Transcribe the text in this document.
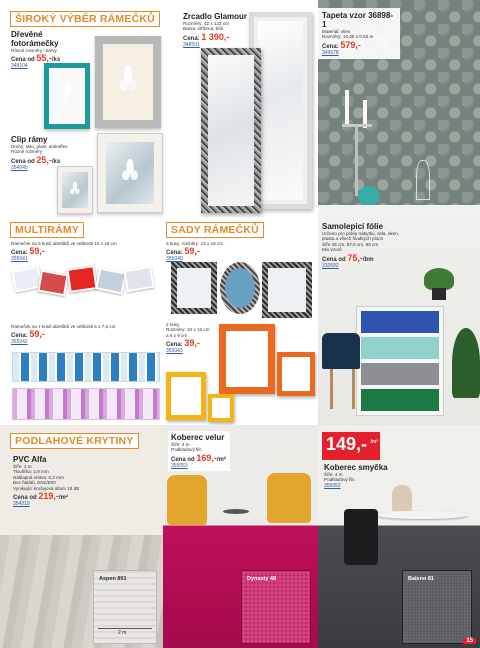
ŠIROKÝ VÝBĚR RÁMEČKŮ
Dřevěné fotorámečky
Různé rozměry i barvy
Cena od 55,-/ks
348104
Clip rámy
Druhy: sklo, plast, antireflex
Různé rozměry
Cena od 25,-/ks
354045
Zrcadlo Glamour
Rozměry: 42 x 122 cm
Barva: stříbrná, bílá
Cena: 1 390,-
348591
Tapeta vzor 36898-1
Materiál: vlies
Rozměry: 10,05 x 0,53 m
Cena: 579,-
349678
MULTIRÁMY
Rámeček na 5 kusů abetůků ve velikosti 10 x 15 cm
Cena: 59,-
355041
Rámeček na 7 kusů abetůků ve velikosti 5 x 7,5 cm
Cena: 59,-
355042
SADY RÁMEČKŮ
3 kusy, rozměry: 13 x 18 cm
Cena: 59,-
355040
2 kusy
Rozměry: 10 x 15 cm
a 6 x 9 cm
Cena: 39,-
355043
Samolepicí fólie
Určeno pro polep nábytku, skla, oken,
plasta a všech hladkých ploch
Šíře 45 cm, 67,5 cm, 90 cm
Mix vzorů
Cena od 75,-/bm
310592
PODLAHOVÉ KRYTINY
PVC Alfa
Šíře: 2 m
Tloušťka: 2,8 mm
Nášlapná vrstva: 0,2 mm
Bez ftalátů, EN1/E00
Vynikající kročejová útlum 18 dB
Cena od 219,-/m²
354210
Aspen 891
2 m
Koberec velur
Šíře: 4 m
Podkladový filc
Cena od 169,-/m²
355053
Dynasty 48
149,- /m²
Koberec smyčka
Šíře: 4 m
Podkladový filc
355052
Baleno 81
15
